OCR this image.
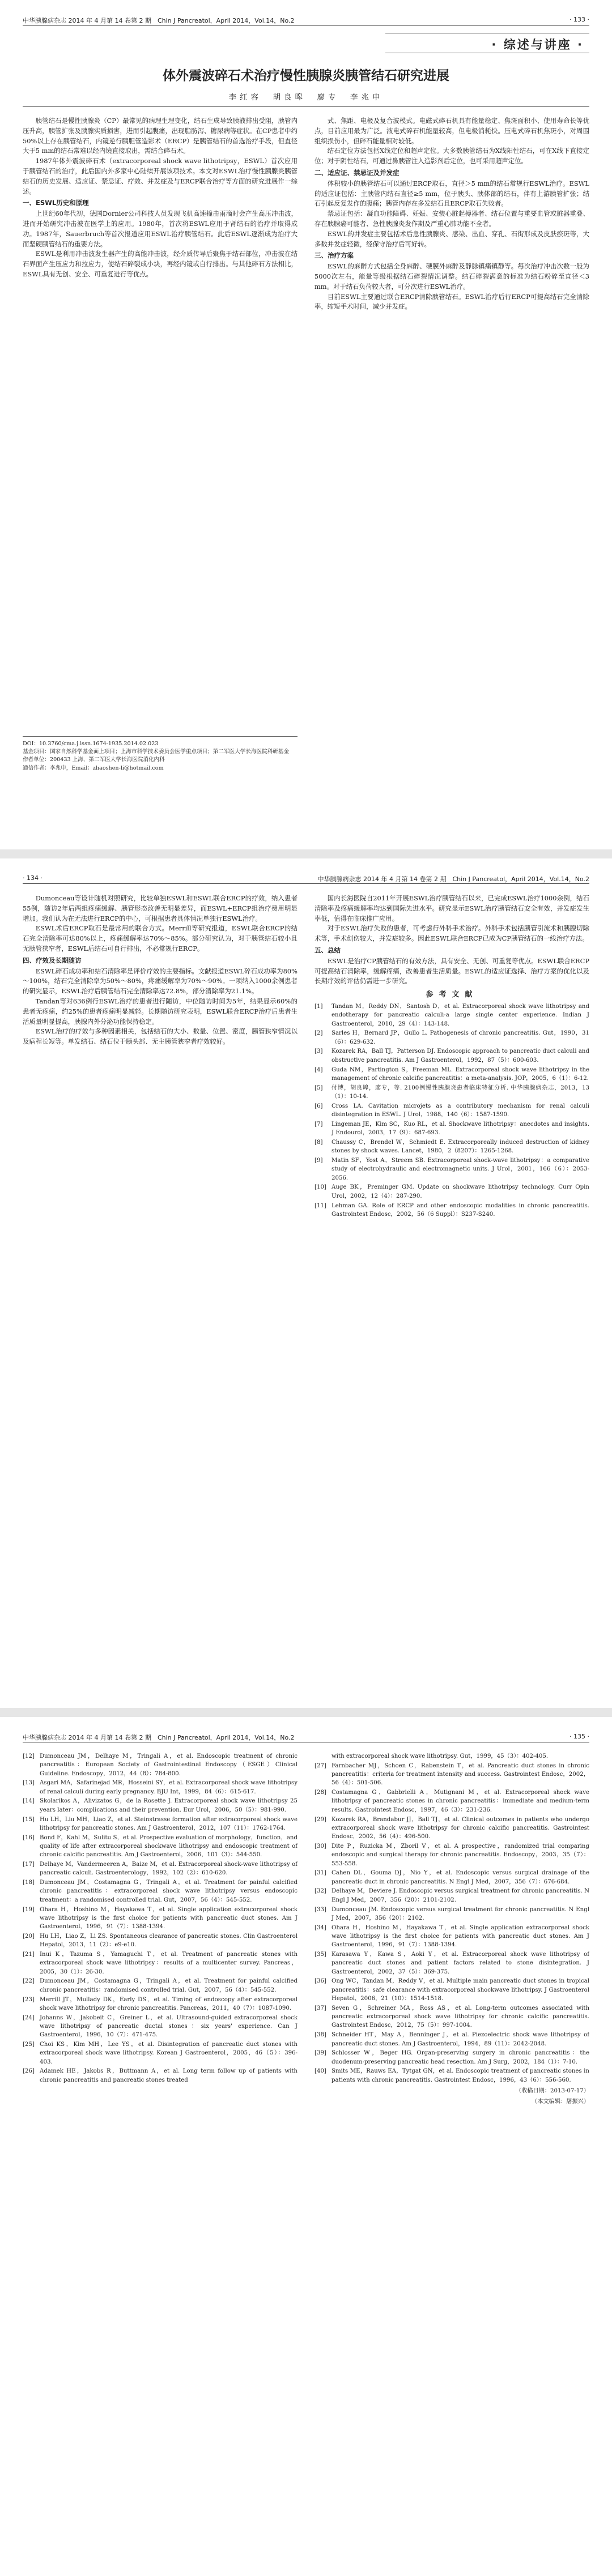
中华胰腺病杂志 2014 年 4 月第 14 卷第 2 期　Chin J Pancreatol，April 2014，Vol.14，No.2	· 133 ·
· 综述与讲座 ·
体外震波碎石术治疗慢性胰腺炎胰管结石研究进展
李红容　胡良嗥　廖专　李兆申

胰管结石是慢性胰腺炎（CP）最常见的病理生理变化，结石生成导致胰液排出受阻，胰管内压升高，胰管扩张及胰腺实质损害，进而引起腹痛，出现脂肪泻、糖尿病等症状。在CP患者中约50%以上存在胰管结石，内镜逆行胰胆管造影术（ERCP）是胰管结石的首选治疗手段，但直径大于5 mm的结石常难以经内镜直接取出，需结合碎石术。

1987年体外震波碎石术（extracorporeal shock wave lithotripsy，ESWL）首次应用于胰管结石的治疗，此后国内外多家中心陆续开展该项技术。本文对ESWL治疗慢性胰腺炎胰管结石的历史发展、适应证、禁忌证、疗效、并发症及与ERCP联合治疗等方面的研究进展作一综述。

一、ESWL历史和原理

上世纪60年代初，德国Dornier公司科技人员发现飞机高速撞击雨滴时会产生高压冲击波，进而开始研究冲击波在医学上的应用。1980年，首次将ESWL应用于肾结石的治疗并取得成功。1987年，Sauerbruch等首次报道应用ESWL治疗胰管结石。此后ESWL逐渐成为治疗大而坚硬胰管结石的重要方法。

ESWL是利用冲击波发生器产生的高能冲击波，经介质传导后聚焦于结石部位，冲击波在结石界面产生压应力和拉应力，使结石碎裂成小块，再经内镜或自行排出。与其他碎石方法相比，ESWL具有无创、安全、可重复进行等优点。

DOI：10.3760/cma.j.issn.1674-1935.2014.02.023
基金项目：国家自然科学基金面上项目；上海市科学技术委员会医学重点项目；第二军医大学长海医院科研基金
作者单位：200433 上海，第二军医大学长海医院消化内科
通信作者：李兆申，Email：zhaoshen-li@hotmail.com

式、焦距、电极及复合波模式。电磁式碎石机具有能量稳定、焦斑面积小、使用寿命长等优点，目前应用最为广泛。液电式碎石机能量较高，但电极消耗快。压电式碎石机焦斑小，对周围组织损伤小，但碎石能量相对较低。

结石定位方法包括X线定位和超声定位。大多数胰管结石为X线阳性结石，可在X线下直接定位；对于阴性结石，可通过鼻胰管注入造影剂后定位，也可采用超声定位。

二、适应证、禁忌证及并发症

体积较小的胰管结石可以通过ERCP取石，直径＞5 mm的结石常规行ESWL治疗。ESWL的适应证包括：主胰管内结石直径≥5 mm，位于胰头、胰体部的结石，伴有上游胰管扩张；结石引起反复发作的腹痛；胰管内存在多发结石且ERCP取石失败者。

禁忌证包括：凝血功能障碍、妊娠、安装心脏起搏器者、结石位置与重要血管或脏器重叠、存在胰腺癌可能者、急性胰腺炎发作期及严重心肺功能不全者。

ESWL的并发症主要包括术后急性胰腺炎、感染、出血、穿孔、石街形成及皮肤瘀斑等，大多数并发症轻微，经保守治疗后可好转。

三、治疗方案

ESWL的麻醉方式包括全身麻醉、硬膜外麻醉及静脉镇痛镇静等。每次治疗冲击次数一般为5000次左右，能量等级根据结石碎裂情况调整。结石碎裂满意的标准为结石粉碎至直径＜3 mm。对于结石负荷较大者，可分次进行ESWL治疗。

目前ESWL主要通过联合ERCP清除胰管结石。ESWL治疗后行ERCP可提高结石完全清除率，缩短手术时间，减少并发症。

· 134 ·	中华胰腺病杂志 2014 年 4 月第 14 卷第 2 期　Chin J Pancreatol，April 2014，Vol.14，No.2

Dumonceau等设计随机对照研究，比较单独ESWL和ESWL联合ERCP的疗效，纳入患者55例，随访2年后两组疼痛缓解、胰管形态改善无明显差异，而ESWL+ERCP组治疗费用明显增加。我们认为在无法进行ERCP的中心，可根据患者具体情况单独行ESWL治疗。

ESWL术后ERCP取石是最常用的联合方式。Merrill等研究报道，ESWL联合ERCP的结石完全清除率可达80%以上，疼痛缓解率达70%～85%。部分研究认为，对于胰管结石较小且无胰管狭窄者，ESWL后结石可自行排出，不必常规行ERCP。

四、疗效及长期随访

ESWL碎石成功率和结石清除率是评价疗效的主要指标。文献报道ESWL碎石成功率为80%～100%，结石完全清除率为50%～80%，疼痛缓解率为70%～90%。一项纳入1000余例患者的研究显示，ESWL治疗后胰管结石完全清除率达72.8%，部分清除率为21.1%。

Tandan等对636例行ESWL治疗的患者进行随访，中位随访时间为5年，结果显示60%的患者无疼痛，约25%的患者疼痛明显减轻。长期随访研究表明，ESWL联合ERCP治疗后患者生活质量明显提高，胰腺内外分泌功能保持稳定。

ESWL治疗的疗效与多种因素相关，包括结石的大小、数量、位置、密度，胰管狭窄情况以及病程长短等。单发结石、结石位于胰头部、无主胰管狭窄者疗效较好。

国内长海医院自2011年开展ESWL治疗胰管结石以来，已完成ESWL治疗1000余例，结石清除率及疼痛缓解率均达到国际先进水平。研究显示ESWL治疗胰管结石安全有效，并发症发生率低，值得在临床推广应用。

对于ESWL治疗失败的患者，可考虑行外科手术治疗。外科手术包括胰管引流术和胰腺切除术等，手术创伤较大，并发症较多。因此ESWL联合ERCP已成为CP胰管结石的一线治疗方法。

五、总结

ESWL是治疗CP胰管结石的有效方法，具有安全、无创、可重复等优点。ESWL联合ERCP可提高结石清除率，缓解疼痛，改善患者生活质量。ESWL的适应证选择、治疗方案的优化以及长期疗效的评估仍需进一步研究。

参考文献
[1]	Tandan M，Reddy DN，Santosh D，et al. Extracorporeal shock wave lithotripsy and endotherapy for pancreatic calculi-a large single center experience. Indian J Gastroenterol，2010，29（4）：143-148.
[2]	Sarles H，Bernard JP，Gullo L. Pathogenesis of chronic pancreatitis. Gut，1990，31（6）：629-632.
[3]	Kozarek RA，Ball TJ，Patterson DJ. Endoscopic approach to pancreatic duct calculi and obstructive pancreatitis. Am J Gastroenterol，1992，87（5）：600-603.
[4]	Guda NM，Partington S，Freeman ML. Extracorporeal shock wave lithotripsy in the management of chronic calcific pancreatitis：a meta-analysis. JOP，2005，6（1）：6-12.
[5]	付博，胡良皞，廖专，等. 2100例慢性胰腺炎患者临床特征分析. 中华胰腺病杂志，2013，13（1）：10-14.
[6]	Cross LA. Cavitation microjets as a contributory mechanism for renal calculi disintegration in ESWL. J Urol，1988，140（6）：1587-1590.
[7]	Lingeman JE，Kim SC，Kuo RL，et al. Shockwave lithotripsy：anecdotes and insights. J Endourol，2003，17（9）：687-693.
[8]	Chaussy C，Brendel W，Schmiedt E. Extracorporeally induced destruction of kidney stones by shock waves. Lancet，1980，2（8207）：1265-1268.
[9]	Matin SF，Yost A，Streem SB. Extracorporeal shock-wave lithotripsy：a comparative study of electrohydraulic and electromagnetic units. J Urol，2001，166（6）：2053-2056.
[10] Auge BK，Preminger GM. Update on shockwave lithotripsy technology. Curr Opin Urol，2002，12（4）：287-290.
[11] Lehman GA. Role of ERCP and other endoscopic modalities in chronic pancreatitis. Gastrointest Endosc，2002，56（6 Suppl）：S237-S240.
中华胰腺病杂志 2014 年 4 月第 14 卷第 2 期　Chin J Pancreatol，April 2014，Vol.14，No.2	· 135 ·
[12] Dumonceau JM，Delhaye M，Tringali A，et al. Endoscopic treatment of chronic pancreatitis：European Society of Gastrointestinal Endoscopy（ESGE）Clinical Guideline. Endoscopy，2012，44（8）：784-800.
[13] Asgari MA，Safarinejad MR，Hosseini SY，et al. Extracorporeal shock wave lithotripsy of renal calculi during early pregnancy. BJU Int，1999，84（6）：615-617.
[14] Skolarikos A，Alivizatos G，de la Rosette J. Extracorporeal shock wave lithotripsy 25 years later：complications and their prevention. Eur Urol，2006，50（5）：981-990.
[15] Hu LH，Liu MH，Liao Z，et al. Steinstrasse formation after extracorporeal shock wave lithotripsy for pancreatic stones. Am J Gastroenterol，2012，107（11）：1762-1764.
[16] Bond F，Kahl M，Sulitu S，et al. Prospective evaluation of morphology，function，and quality of life after extracorporeal shockwave lithotripsy and endoscopic treatment of chronic calcific pancreatitis. Am J Gastroenterol，2006，101（3）：544-550.
[17] Delhaye M，Vandermeeren A，Baize M，et al. Extracorporeal shock-wave lithotripsy of pancreatic calculi. Gastroenterology，1992，102（2）：610-620.
[18] Dumonceau JM，Costamagna G，Tringali A，et al. Treatment for painful calcified chronic pancreatitis：extracorporeal shock wave lithotripsy versus endoscopic treatment：a randomised controlled trial. Gut，2007，56（4）：545-552.
[19] Ohara H，Hoshino M，Hayakawa T，et al. Single application extracorporeal shock wave lithotripsy is the first choice for patients with pancreatic duct stones. Am J Gastroenterol，1996，91（7）：1388-1394.
[20] Hu LH，Liao Z，Li ZS. Spontaneous clearance of pancreatic stones. Clin Gastroenterol Hepatol，2013，11（2）：e9-e10.
[21] Inui K，Tazuma S，Yamaguchi T，et al. Treatment of pancreatic stones with extracorporeal shock wave lithotripsy：results of a multicenter survey. Pancreas，2005，30（1）：26-30.
[22] Dumonceau JM，Costamagna G，Tringali A，et al. Treatment for painful calcified chronic pancreatitis：randomised controlled trial. Gut，2007，56（4）：545-552.
[23] Merrill JT，Mullady DK，Early DS，et al. Timing of endoscopy after extracorporeal shock wave lithotripsy for chronic pancreatitis. Pancreas，2011，40（7）：1087-1090.
[24] Johanns W，Jakobeit C，Greiner L，et al. Ultrasound-guided extracorporeal shock wave lithotripsy of pancreatic ductal stones：six years' experience. Can J Gastroenterol，1996，10（7）：471-475.
[25] Choi KS，Kim MH，Lee YS，et al. Disintegration of pancreatic duct stones with extracorporeal shock wave lithotripsy. Korean J Gastroenterol，2005，46（5）：396-403.
[26] Adamek HE，Jakobs R，Buttmann A，et al. Long term follow up of patients with chronic pancreatitis and pancreatic stones treated
with extracorporeal shock wave lithotripsy. Gut，1999，45（3）：402-405.
[27] Farnbacher MJ，Schoen C，Rabenstein T，et al. Pancreatic duct stones in chronic pancreatitis：criteria for treatment intensity and success. Gastrointest Endosc，2002，56（4）：501-506.
[28] Costamagna G，Gabbrielli A，Mutignani M，et al. Extracorporeal shock wave lithotripsy of pancreatic stones in chronic pancreatitis：immediate and medium-term results. Gastrointest Endosc，1997，46（3）：231-236.
[29] Kozarek RA，Brandabur JJ，Ball TJ，et al. Clinical outcomes in patients who undergo extracorporeal shock wave lithotripsy for chronic calcific pancreatitis. Gastrointest Endosc，2002，56（4）：496-500.
[30] Dite P，Ruzicka M，Zboril V，et al. A prospective，randomized trial comparing endoscopic and surgical therapy for chronic pancreatitis. Endoscopy，2003，35（7）：553-558.
[31] Cahen DL，Gouma DJ，Nio Y，et al. Endoscopic versus surgical drainage of the pancreatic duct in chronic pancreatitis. N Engl J Med，2007，356（7）：676-684.
[32] Delhaye M，Deviere J. Endoscopic versus surgical treatment for chronic pancreatitis. N Engl J Med，2007，356（20）：2101-2102.
[33] Dumonceau JM. Endoscopic versus surgical treatment for chronic pancreatitis. N Engl J Med，2007，356（20）：2102.
[34] Ohara H，Hoshino M，Hayakawa T，et al. Single application extracorporeal shock wave lithotripsy is the first choice for patients with pancreatic duct stones. Am J Gastroenterol，1996，91（7）：1388-1394.
[35] Karasawa Y，Kawa S，Aoki Y，et al. Extracorporeal shock wave lithotripsy of pancreatic duct stones and patient factors related to stone disintegration. J Gastroenterol，2002，37（5）：369-375.
[36] Ong WC，Tandan M，Reddy V，et al. Multiple main pancreatic duct stones in tropical pancreatitis：safe clearance with extracorporeal shockwave lithotripsy. J Gastroenterol Hepatol，2006，21（10）：1514-1518.
[37] Seven G，Schreiner MA，Ross AS，et al. Long-term outcomes associated with pancreatic extracorporeal shock wave lithotripsy for chronic calcific pancreatitis. Gastrointest Endosc，2012，75（5）：997-1004.
[38] Schneider HT，May A，Benninger J，et al. Piezoelectric shock wave lithotripsy of pancreatic duct stones. Am J Gastroenterol，1994，89（11）：2042-2048.
[39] Schlosser W，Beger HG. Organ-preserving surgery in chronic pancreatitis：the duodenum-preserving pancreatic head resection. Am J Surg，2002，184（1）：7-10.
[40] Smits ME，Rauws EA，Tytgat GN，et al. Endoscopic treatment of pancreatic stones in patients with chronic pancreatitis. Gastrointest Endosc，1996，43（6）：556-560.
（收稿日期：2013-07-17）
（本文编辑：屠振兴）
